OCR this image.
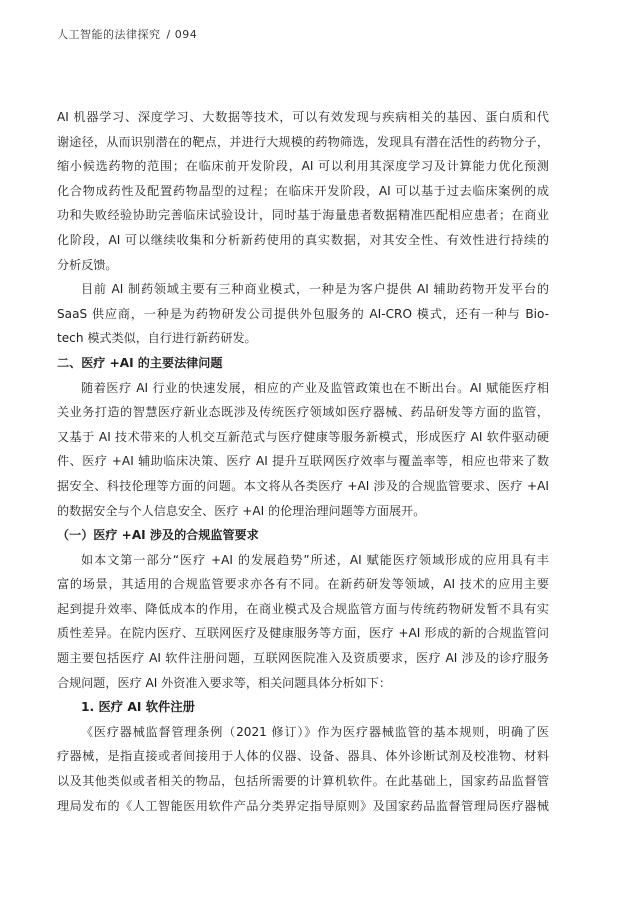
人工智能的法律探究 / 094
AI 机器学习、深度学习、大数据等技术，可以有效发现与疾病相关的基因、蛋白质和代
谢途径，从而识别潜在的靶点，并进行大规模的药物筛选，发现具有潜在活性的药物分子，
缩小候选药物的范围；在临床前开发阶段，AI 可以利用其深度学习及计算能力优化预测
化合物成药性及配置药物晶型的过程；在临床开发阶段，AI 可以基于过去临床案例的成
功和失败经验协助完善临床试验设计，同时基于海量患者数据精准匹配相应患者；在商业
化阶段，AI 可以继续收集和分析新药使用的真实数据，对其安全性、有效性进行持续的
分析反馈。
目前 AI 制药领域主要有三种商业模式，一种是为客户提供 AI 辅助药物开发平台的
SaaS 供应商，一种是为药物研发公司提供外包服务的 AI-CRO 模式，还有一种与 Bio-
tech 模式类似，自行进行新药研发。
二、医疗 +AI 的主要法律问题
随着医疗 AI 行业的快速发展，相应的产业及监管政策也在不断出台。AI 赋能医疗相
关业务打造的智慧医疗新业态既涉及传统医疗领域如医疗器械、药品研发等方面的监管，
又基于 AI 技术带来的人机交互新范式与医疗健康等服务新模式，形成医疗 AI 软件驱动硬
件、医疗 +AI 辅助临床决策、医疗 AI 提升互联网医疗效率与覆盖率等，相应也带来了数
据安全、科技伦理等方面的问题。本文将从各类医疗 +AI 涉及的合规监管要求、医疗 +AI
的数据安全与个人信息安全、医疗 +AI 的伦理治理问题等方面展开。
（一）医疗 +AI 涉及的合规监管要求
如本文第一部分“医疗 +AI 的发展趋势”所述，AI 赋能医疗领域形成的应用具有丰
富的场景，其适用的合规监管要求亦各有不同。在新药研发等领域，AI 技术的应用主要
起到提升效率、降低成本的作用，在商业模式及合规监管方面与传统药物研发暂不具有实
质性差异。在院内医疗、互联网医疗及健康服务等方面，医疗 +AI 形成的新的合规监管问
题主要包括医疗 AI 软件注册问题，互联网医院准入及资质要求，医疗 AI 涉及的诊疗服务
合规问题，医疗 AI 外资准入要求等，相关问题具体分析如下：
1. 医疗 AI 软件注册
《医疗器械监督管理条例（2021 修订）》作为医疗器械监管的基本规则，明确了医
疗器械，是指直接或者间接用于人体的仪器、设备、器具、体外诊断试剂及校准物、材料
以及其他类似或者相关的物品，包括所需要的计算机软件。在此基础上，国家药品监督管
理局发布的《人工智能医用软件产品分类界定指导原则》及国家药品监督管理局医疗器械
